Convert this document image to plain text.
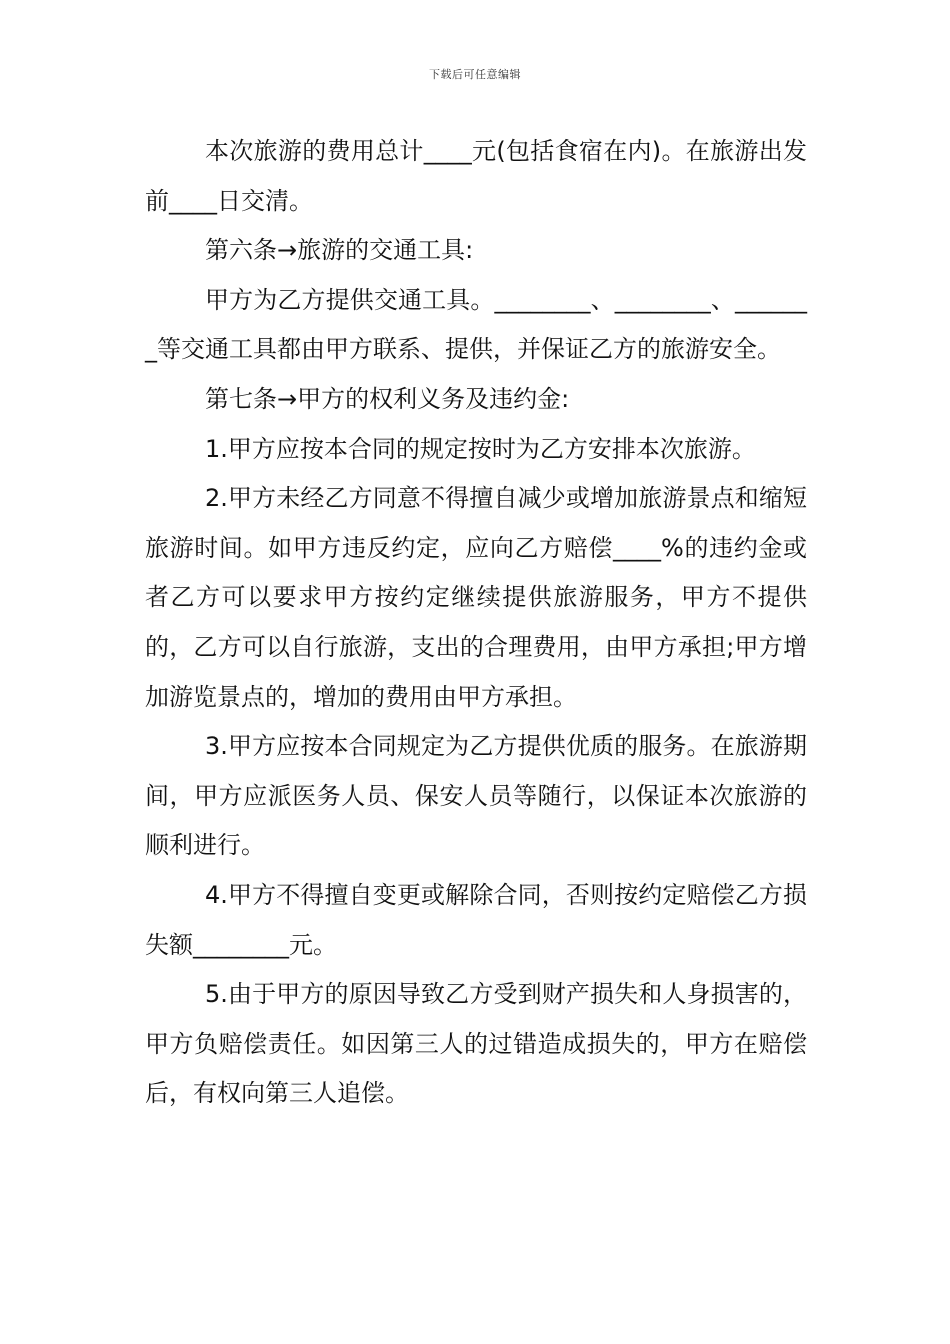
下载后可任意编辑

本次旅游的费用总计____元(包括食宿在内)。在旅游出发前____日交清。

第六条→旅游的交通工具:

甲方为乙方提供交通工具。________、________、_______等交通工具都由甲方联系、提供，并保证乙方的旅游安全。

第七条→甲方的权利义务及违约金:

1.甲方应按本合同的规定按时为乙方安排本次旅游。

2.甲方未经乙方同意不得擅自减少或增加旅游景点和缩短旅游时间。如甲方违反约定，应向乙方赔偿____%的违约金或者乙方可以要求甲方按约定继续提供旅游服务，甲方不提供的，乙方可以自行旅游，支出的合理费用，由甲方承担;甲方增加游览景点的，增加的费用由甲方承担。

3.甲方应按本合同规定为乙方提供优质的服务。在旅游期间，甲方应派医务人员、保安人员等随行，以保证本次旅游的顺利进行。

4.甲方不得擅自变更或解除合同，否则按约定赔偿乙方损失额________元。

5.由于甲方的原因导致乙方受到财产损失和人身损害的，甲方负赔偿责任。如因第三人的过错造成损失的，甲方在赔偿后，有权向第三人追偿。
